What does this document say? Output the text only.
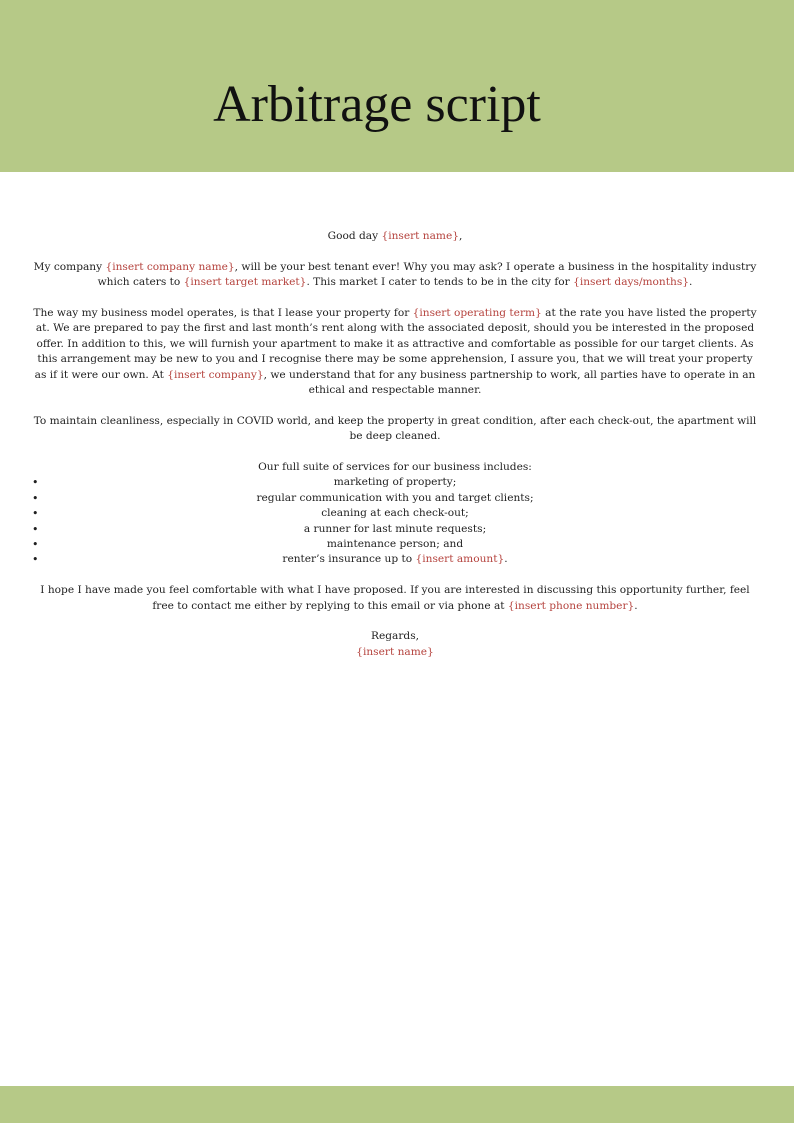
Arbitrage script

Good day {insert name},

My company {insert company name}, will be your best tenant ever! Why you may ask? I operate a business in the hospitality industry which caters to {insert target market}. This market I cater to tends to be in the city for {insert days/months}.

The way my business model operates, is that I lease your property for {insert operating term} at the rate you have listed the property at. We are prepared to pay the first and last month’s rent along with the associated deposit, should you be interested in the proposed offer. In addition to this, we will furnish your apartment to make it as attractive and comfortable as possible for our target clients. As this arrangement may be new to you and I recognise there may be some apprehension, I assure you, that we will treat your property as if it were our own. At {insert company}, we understand that for any business partnership to work, all parties have to operate in an ethical and respectable manner.

To maintain cleanliness, especially in COVID world, and keep the property in great condition, after each check-out, the apartment will be deep cleaned.

Our full suite of services for our business includes:
•	marketing of property;
•	regular communication with you and target clients;
•	cleaning at each check-out;
•	a runner for last minute requests;
•	maintenance person; and
•	renter’s insurance up to {insert amount}.

I hope I have made you feel comfortable with what I have proposed. If you are interested in discussing this opportunity further, feel free to contact me either by replying to this email or via phone at {insert phone number}.

Regards,
{insert name}
